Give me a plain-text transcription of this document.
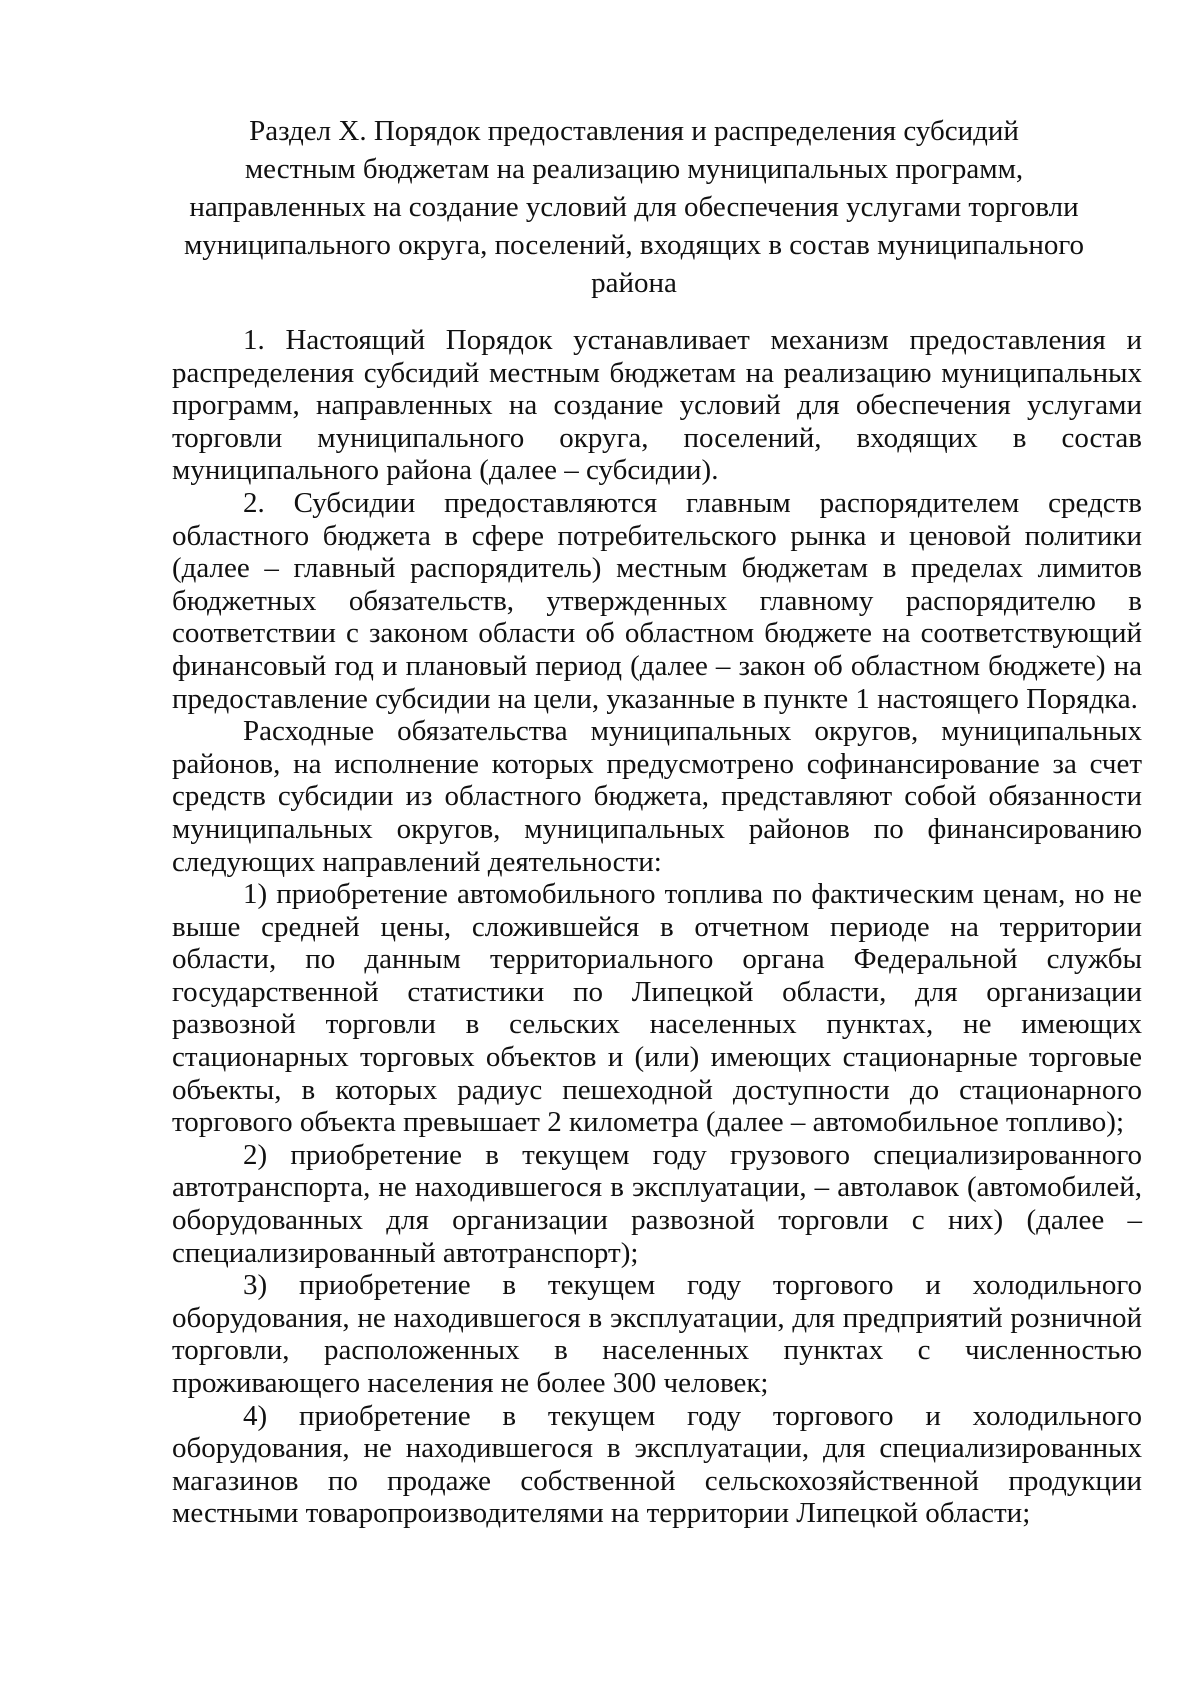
Раздел X. Порядок предоставления и распределения субсидий
местным бюджетам на реализацию муниципальных программ,
направленных на создание условий для обеспечения услугами торговли
муниципального округа, поселений, входящих в состав муниципального
района

1. Настоящий Порядок устанавливает механизм предоставления и распределения субсидий местным бюджетам на реализацию муниципальных программ, направленных на создание условий для обеспечения услугами торговли муниципального округа, поселений, входящих в состав муниципального района (далее – субсидии).

2. Субсидии предоставляются главным распорядителем средств областного бюджета в сфере потребительского рынка и ценовой политики (далее – главный распорядитель) местным бюджетам в пределах лимитов бюджетных обязательств, утвержденных главному распорядителю в соответствии с законом области об областном бюджете на соответствующий финансовый год и плановый период (далее – закон об областном бюджете) на предоставление субсидии на цели, указанные в пункте 1 настоящего Порядка.

Расходные обязательства муниципальных округов, муниципальных районов, на исполнение которых предусмотрено софинансирование за счет средств субсидии из областного бюджета, представляют собой обязанности муниципальных округов, муниципальных районов по финансированию следующих направлений деятельности:

1) приобретение автомобильного топлива по фактическим ценам, но не выше средней цены, сложившейся в отчетном периоде на территории области, по данным территориального органа Федеральной службы государственной статистики по Липецкой области, для организации развозной торговли в сельских населенных пунктах, не имеющих стационарных торговых объектов и (или) имеющих стационарные торговые объекты, в которых радиус пешеходной доступности до стационарного торгового объекта превышает 2 километра (далее – автомобильное топливо);

2) приобретение в текущем году грузового специализированного автотранспорта, не находившегося в эксплуатации, – автолавок (автомобилей, оборудованных для организации развозной торговли с них) (далее – специализированный автотранспорт);

3) приобретение в текущем году торгового и холодильного оборудования, не находившегося в эксплуатации, для предприятий розничной торговли, расположенных в населенных пунктах с численностью проживающего населения не более 300 человек;

4) приобретение в текущем году торгового и холодильного оборудования, не находившегося в эксплуатации, для специализированных магазинов по продаже собственной сельскохозяйственной продукции местными товаропроизводителями на территории Липецкой области;
